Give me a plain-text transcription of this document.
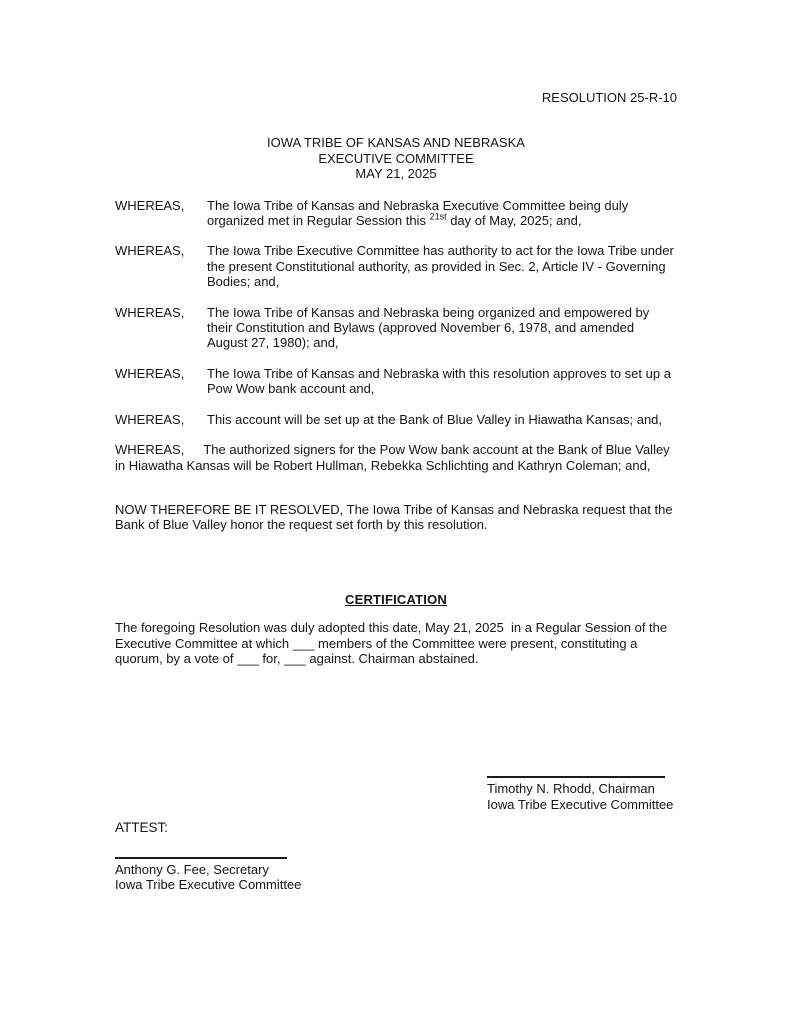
RESOLUTION 25-R-10
IOWA TRIBE OF KANSAS AND NEBRASKA
EXECUTIVE COMMITTEE
MAY 21, 2025
WHEREAS,	The Iowa Tribe of Kansas and Nebraska Executive Committee being duly organized met in Regular Session this $^{21st}$ day of May, 2025; and,
WHEREAS,	The Iowa Tribe Executive Committee has authority to act for the Iowa Tribe under the present Constitutional authority, as provided in Sec. 2, Article IV - Governing Bodies; and,
WHEREAS,	The Iowa Tribe of Kansas and Nebraska being organized and empowered by their Constitution and Bylaws (approved November 6, 1978, and amended August 27, 1980); and,
WHEREAS,	The Iowa Tribe of Kansas and Nebraska with this resolution approves to set up a Pow Wow bank account and,
WHEREAS,	This account will be set up at the Bank of Blue Valley in Hiawatha Kansas; and,

WHEREAS, The authorized signers for the Pow Wow bank account at the Bank of Blue Valley in Hiawatha Kansas will be Robert Hullman, Rebekka Schlichting and Kathryn Coleman; and,

NOW THEREFORE BE IT RESOLVED, The Iowa Tribe of Kansas and Nebraska request that the Bank of Blue Valley honor the request set forth by this resolution.

CERTIFICATION

The foregoing Resolution was duly adopted this date, May 21, 2025  in a Regular Session of the Executive Committee at which ___ members of the Committee were present, constituting a quorum, by a vote of ___ for, ___ against. Chairman abstained.

Timothy N. Rhodd, Chairman
Iowa Tribe Executive Committee
ATTEST:
Anthony G. Fee, Secretary
Iowa Tribe Executive Committee
